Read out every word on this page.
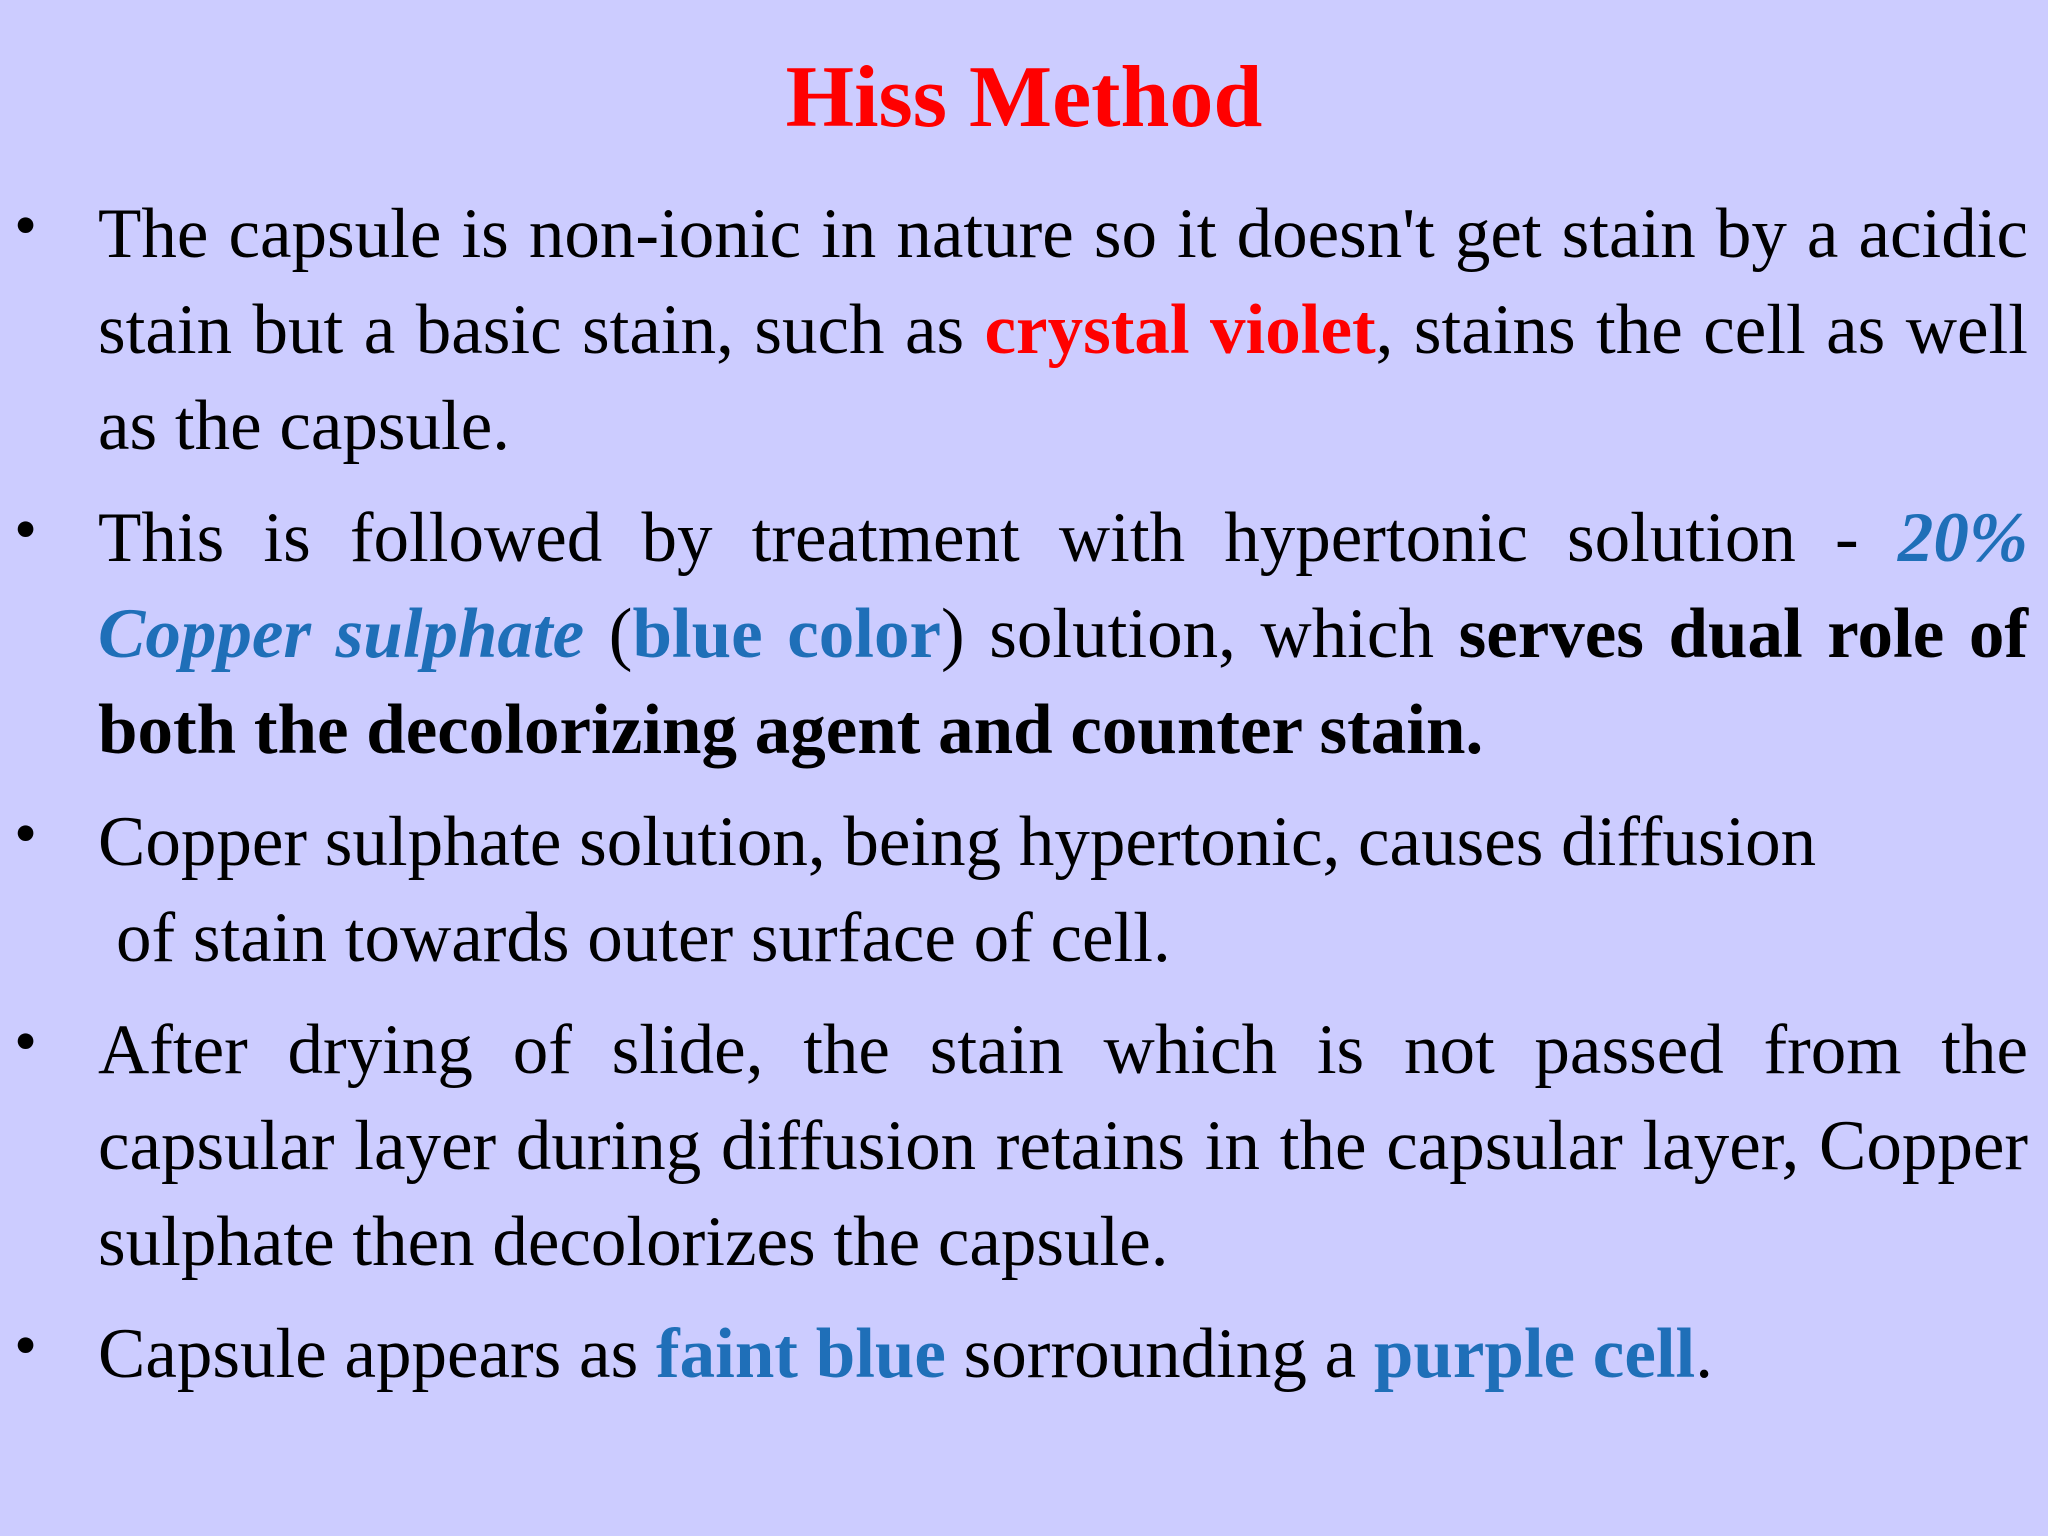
Hiss Method
• The capsule is non-ionic in nature so it doesn't get stain by a acidic stain but a basic stain, such as crystal violet, stains the cell as well as the capsule.
• This is followed by treatment with hypertonic solution - 20% Copper sulphate (blue color) solution, which serves dual role of both the decolorizing agent and counter stain.
• Copper sulphate solution, being hypertonic, causes diffusion
of stain towards outer surface of cell.
• After drying of slide, the stain which is not passed from the capsular layer during diffusion retains in the capsular layer, Copper sulphate then decolorizes the capsule.
• Capsule appears as faint blue sorrounding a purple cell.
